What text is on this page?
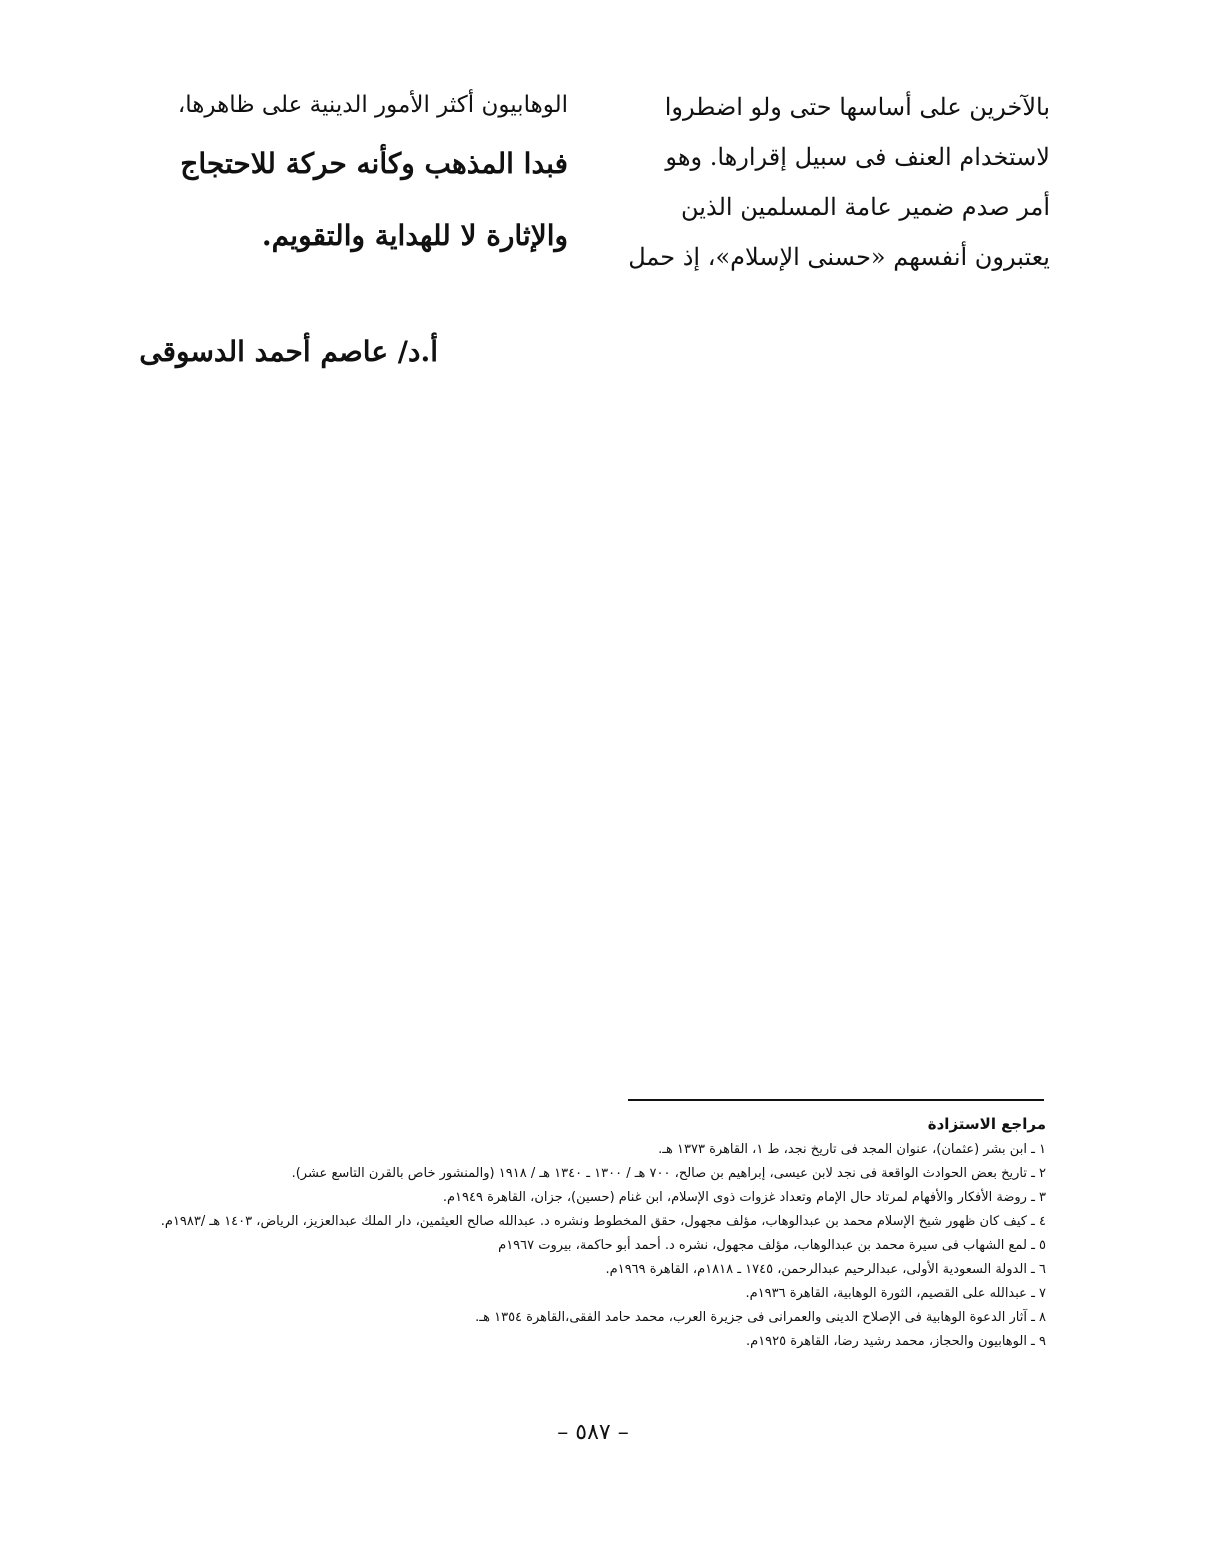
بالآخرين على أساسها حتى ولو اضطروا
لاستخدام العنف فى سبيل إقرارها. وهو
أمر صدم ضمير عامة المسلمين الذين
يعتبرون أنفسهم «حسنى الإسلام»، إذ حمل
الوهابيون أكثر الأمور الدينية على ظاهرها،
فبدا المذهب وكأنه حركة للاحتجاج
والإثارة لا للهداية والتقويم.
أ.د/ عاصم أحمد الدسوقى
مراجع الاستزادة
١ ـ ابن بشر (عثمان)، عنوان المجد فى تاريخ نجد، ط ١، القاهرة ١٣٧٣ هـ.
٢ ـ تاريخ بعض الحوادث الواقعة فى نجد لابن عيسى، إبراهيم بن صالح، ٧٠٠ هـ / ١٣٠٠ ـ ١٣٤٠ هـ / ١٩١٨ (والمنشور خاص بالقرن التاسع عشر).
٣ ـ روضة الأفكار والأفهام لمرتاد حال الإمام وتعداد غزوات ذوى الإسلام، ابن غنام (حسين)، جزان، القاهرة ١٩٤٩م.
٤ ـ كيف كان ظهور شيخ الإسلام محمد بن عبدالوهاب، مؤلف مجهول، حقق المخطوط ونشره د. عبدالله صالح العيثمين، دار الملك عبدالعزيز، الرياض، ١٤٠٣ هـ /١٩٨٣م.
٥ ـ لمع الشهاب فى سيرة محمد بن عبدالوهاب، مؤلف مجهول، نشره د. أحمد أبو حاكمة، بيروت ١٩٦٧م
٦ ـ الدولة السعودية الأولى، عبدالرحيم عبدالرحمن، ١٧٤٥ ـ ١٨١٨م، القاهرة ١٩٦٩م.
٧ ـ عبدالله على القصيم، الثورة الوهابية، القاهرة ١٩٣٦م.
٨ ـ آثار الدعوة الوهابية فى الإصلاح الدينى والعمرانى فى جزيرة العرب، محمد حامد الفقى،القاهرة ١٣٥٤ هـ.
٩ ـ الوهابيون والحجاز، محمد رشيد رضا، القاهرة ١٩٢٥م.
– ٥٨٧ –
